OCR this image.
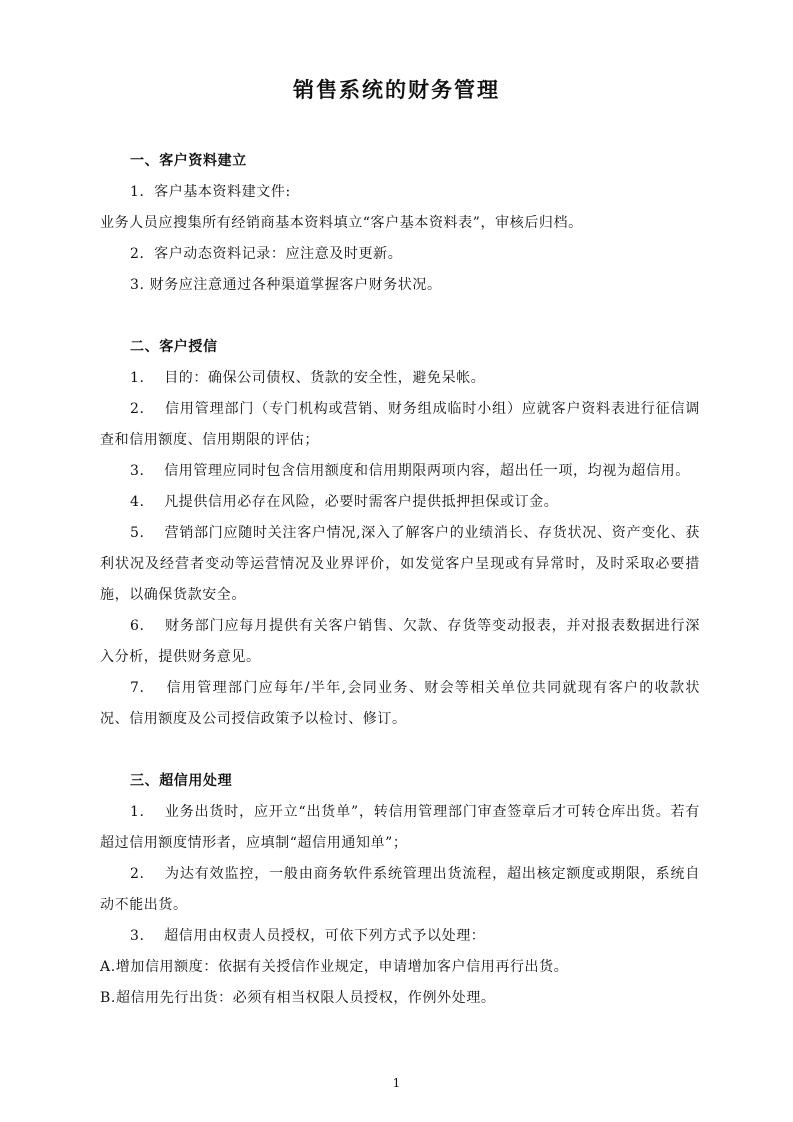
销售系统的财务管理
一、客户资料建立
1．客户基本资料建文件:
业务人员应搜集所有经销商基本资料填立“客户基本资料表”，审核后归档。
2．客户动态资料记录：应注意及时更新。
3. 财务应注意通过各种渠道掌握客户财务状况。
二、客户授信

1.　 目的：确保公司债权、货款的安全性，避免呆帐。

2.　 信用管理部门（专门机构或营销、财务组成临时小组）应就客户资料表进行征信调查和信用额度、信用期限的评估；

3.　 信用管理应同时包含信用额度和信用期限两项内容，超出任一项，均视为超信用。

4.　 凡提供信用必存在风险，必要时需客户提供抵押担保或订金。

5.　 营销部门应随时关注客户情况,深入了解客户的业绩消长、存货状况、资产变化、获利状况及经营者变动等运营情况及业界评价，如发觉客户呈现或有异常时，及时采取必要措施，以确保货款安全。

6.　 财务部门应每月提供有关客户销售、欠款、存货等变动报表，并对报表数据进行深入分析，提供财务意见。

7.　 信用管理部门应每年/半年,会同业务、财会等相关单位共同就现有客户的收款状况、信用额度及公司授信政策予以检讨、修订。

三、超信用处理

1.　 业务出货时，应开立“出货单”，转信用管理部门审查签章后才可转仓库出货。若有超过信用额度情形者，应填制“超信用通知单”；

2.　 为达有效监控，一般由商务软件系统管理出货流程，超出核定额度或期限，系统自动不能出货。

3.　 超信用由权责人员授权，可依下列方式予以处理：

A.增加信用额度：依据有关授信作业规定，申请增加客户信用再行出货。
B.超信用先行出货：必须有相当权限人员授权，作例外处理。
1
